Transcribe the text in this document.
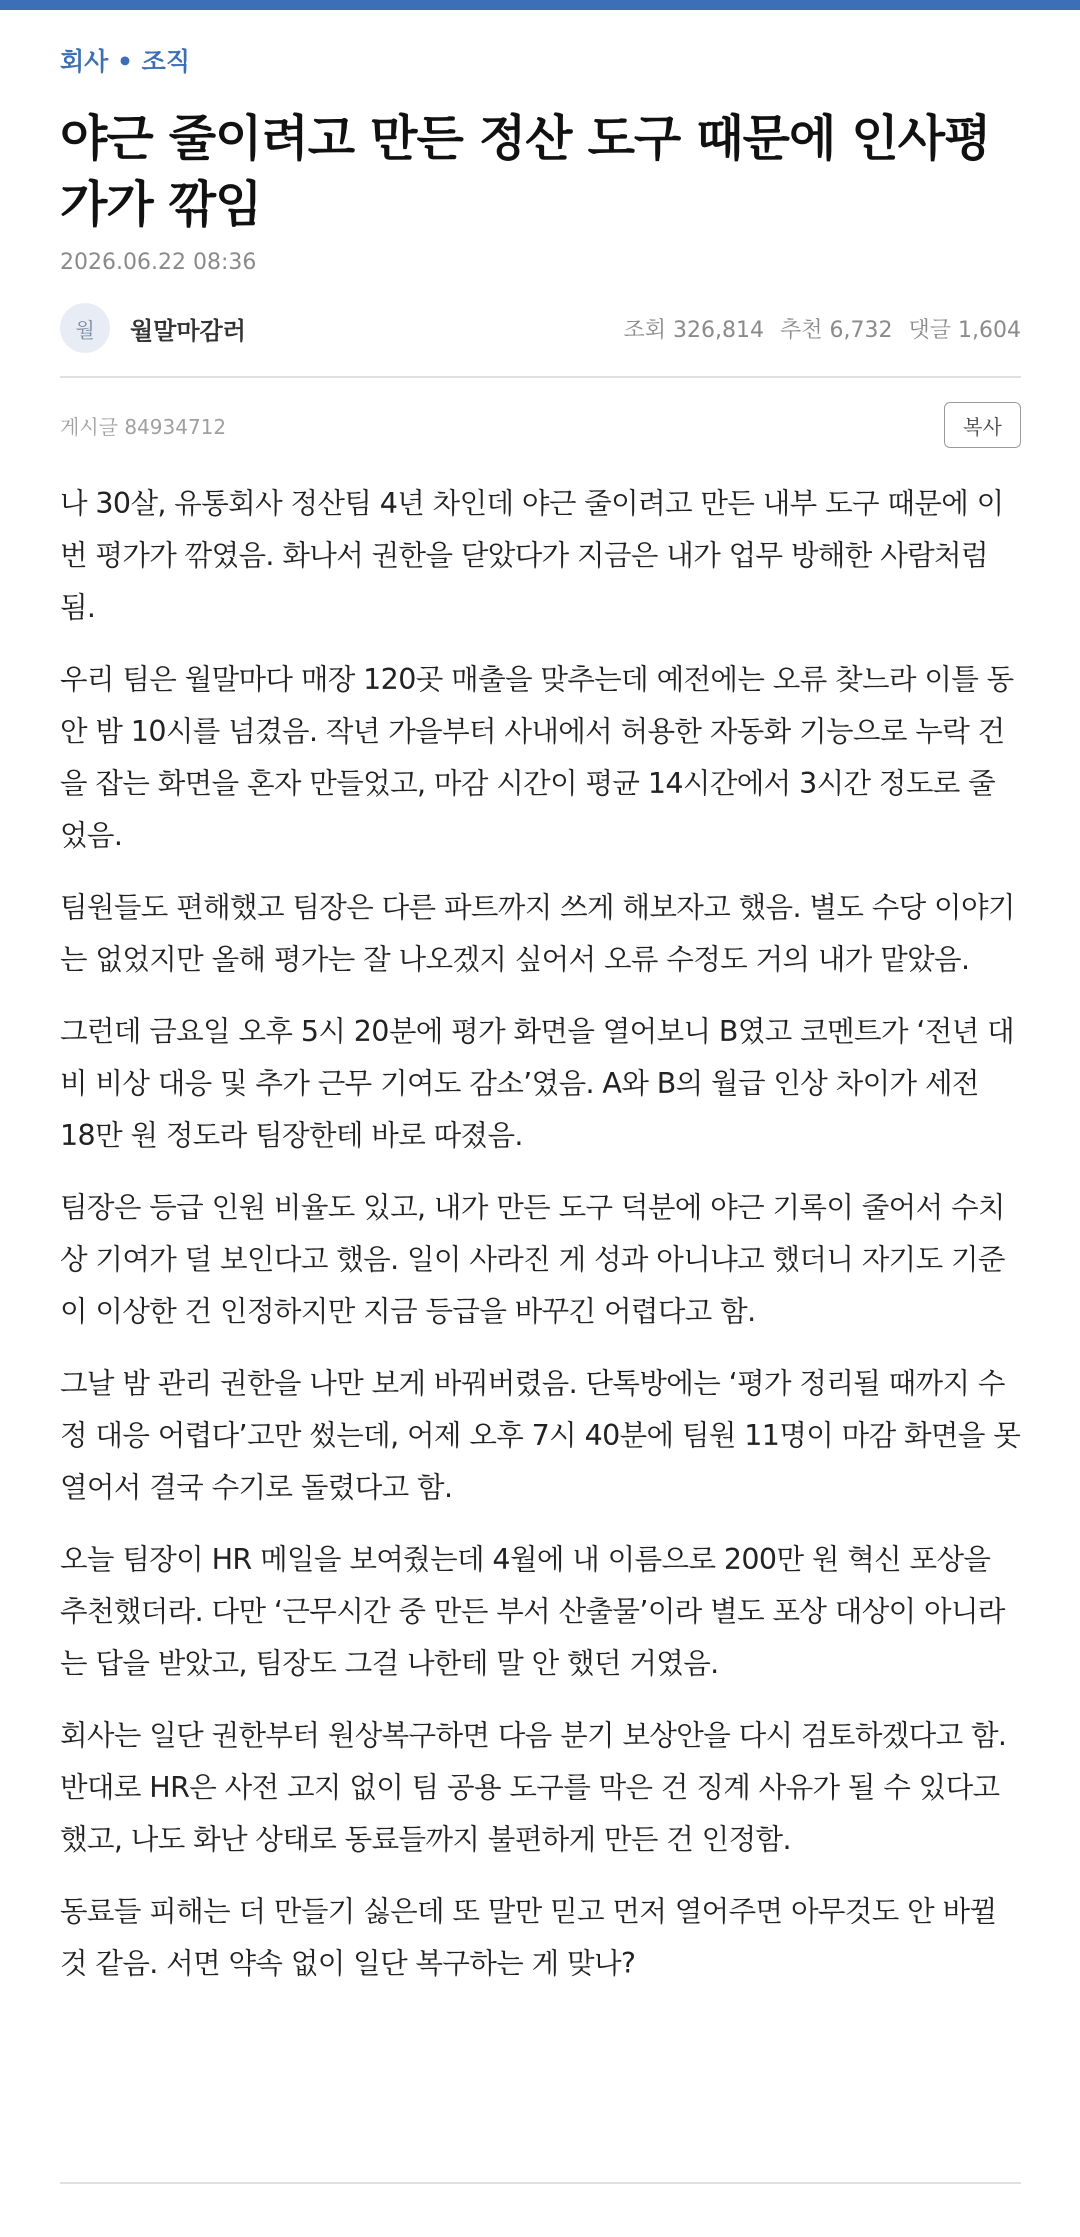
회사 • 조직
야근 줄이려고 만든 정산 도구 때문에 인사평가가 깎임
2026.06.22 08:36
월	월말마감러	조회 326,814 추천 6,732 댓글 1,604
게시글 84934712	복사

나 30살, 유통회사 정산팀 4년 차인데 야근 줄이려고 만든 내부 도구 때문에 이번 평가가 깎였음. 화나서 권한을 닫았다가 지금은 내가 업무 방해한 사람처럼 됨.

우리 팀은 월말마다 매장 120곳 매출을 맞추는데 예전에는 오류 찾느라 이틀 동안 밤 10시를 넘겼음. 작년 가을부터 사내에서 허용한 자동화 기능으로 누락 건을 잡는 화면을 혼자 만들었고, 마감 시간이 평균 14시간에서 3시간 정도로 줄었음.

팀원들도 편해했고 팀장은 다른 파트까지 쓰게 해보자고 했음. 별도 수당 이야기는 없었지만 올해 평가는 잘 나오겠지 싶어서 오류 수정도 거의 내가 맡았음.

그런데 금요일 오후 5시 20분에 평가 화면을 열어보니 B였고 코멘트가 ‘전년 대비 비상 대응 및 추가 근무 기여도 감소’였음. A와 B의 월급 인상 차이가 세전 18만 원 정도라 팀장한테 바로 따졌음.

팀장은 등급 인원 비율도 있고, 내가 만든 도구 덕분에 야근 기록이 줄어서 수치상 기여가 덜 보인다고 했음. 일이 사라진 게 성과 아니냐고 했더니 자기도 기준이 이상한 건 인정하지만 지금 등급을 바꾸긴 어렵다고 함.

그날 밤 관리 권한을 나만 보게 바꿔버렸음. 단톡방에는 ‘평가 정리될 때까지 수정 대응 어렵다’고만 썼는데, 어제 오후 7시 40분에 팀원 11명이 마감 화면을 못 열어서 결국 수기로 돌렸다고 함.

오늘 팀장이 HR 메일을 보여줬는데 4월에 내 이름으로 200만 원 혁신 포상을 추천했더라. 다만 ‘근무시간 중 만든 부서 산출물’이라 별도 포상 대상이 아니라는 답을 받았고, 팀장도 그걸 나한테 말 안 했던 거였음.

회사는 일단 권한부터 원상복구하면 다음 분기 보상안을 다시 검토하겠다고 함. 반대로 HR은 사전 고지 없이 팀 공용 도구를 막은 건 징계 사유가 될 수 있다고 했고, 나도 화난 상태로 동료들까지 불편하게 만든 건 인정함.

동료들 피해는 더 만들기 싫은데 또 말만 믿고 먼저 열어주면 아무것도 안 바뀔 것 같음. 서면 약속 없이 일단 복구하는 게 맞나?
